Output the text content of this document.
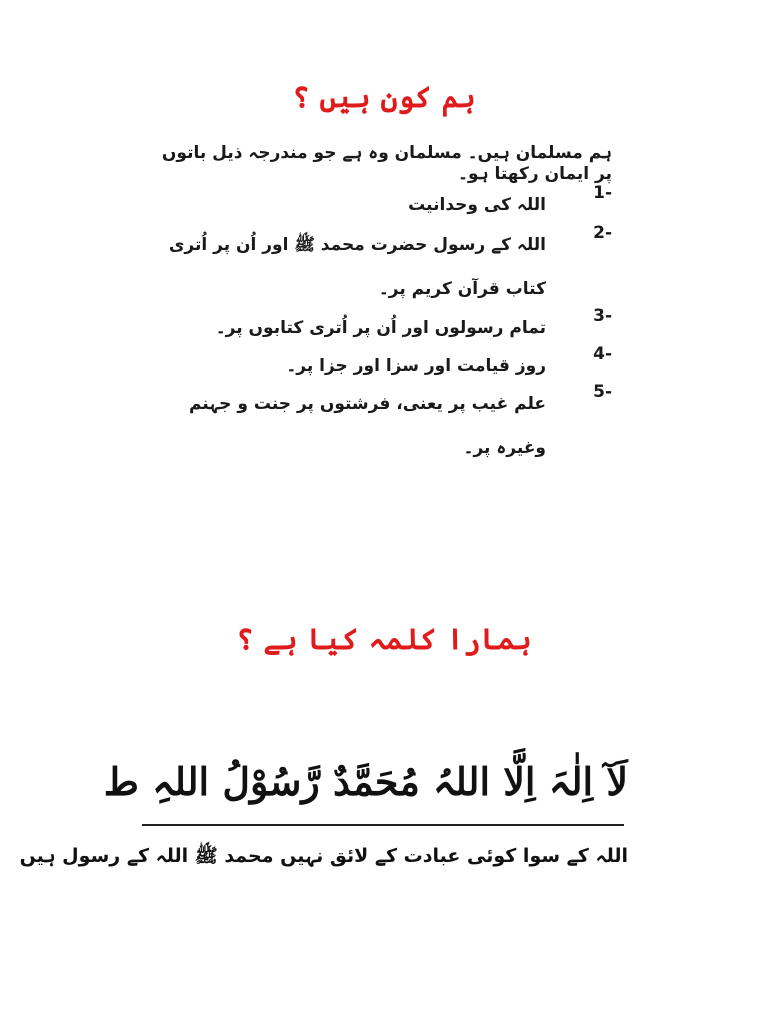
ہم کون ہیں ؟
ہم مسلمان ہیں۔ مسلمان وہ ہے جو مندرجہ ذیل باتوں پر ایمان رکھتا ہو۔
1-
اللہ کی وحدانیت
2-
اللہ کے رسول حضرت محمد ﷺ اور اُن پر اُتری کتاب قرآن کریم پر۔
3-
تمام رسولوں اور اُن پر اُتری کتابوں پر۔
4-
روز قیامت اور سزا اور جزا پر۔
5-
علم غیب پر یعنی، فرشتوں پر جنت و جہنم وغیرہ پر۔
ہمارا کلمہ کیا ہے ؟
لَآ اِلٰہَ اِلَّا اللہُ مُحَمَّدٌ رَّسُوْلُ اللہِ ط
اللہ کے سوا کوئی عبادت کے لائق نہیں محمد ﷺ اللہ کے رسول ہیں
